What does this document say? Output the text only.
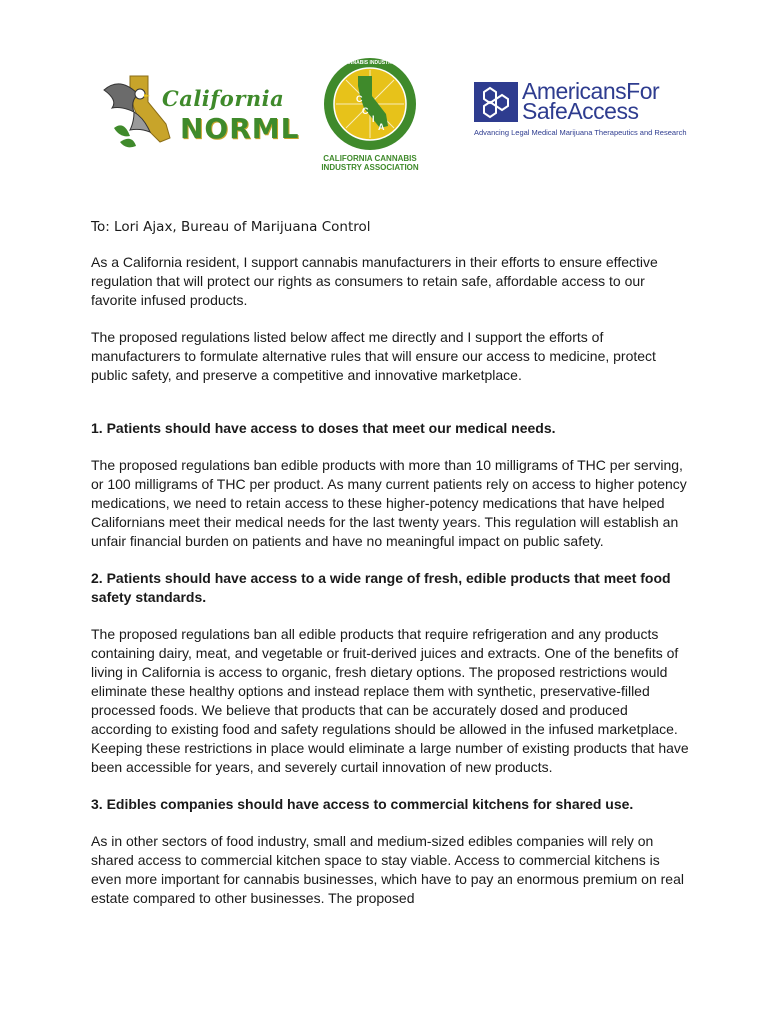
California
NORML
CALIFORNIA CANNABIS INDUSTRY ASSOCIATION
C
C
I
A
CALIFORNIA CANNABIS
INDUSTRY ASSOCIATION
AmericansFor
SafeAccess
Advancing Legal Medical Marijuana Therapeutics and Research
To: Lori Ajax, Bureau of Marijuana Control

As a California resident, I support cannabis manufacturers in their efforts to ensure effective regulation that will protect our rights as consumers to retain safe, affordable access to our favorite infused products.

The proposed regulations listed below affect me directly and I support the efforts of manufacturers to formulate alternative rules that will ensure our access to medicine, protect public safety, and preserve a competitive and innovative marketplace.

1. Patients should have access to doses that meet our medical needs.

The proposed regulations ban edible products with more than 10 milligrams of THC per serving, or 100 milligrams of THC per product. As many current patients rely on access to higher potency medications, we need to retain access to these higher-potency medications that have helped Californians meet their medical needs for the last twenty years. This regulation will establish an unfair financial burden on patients and have no meaningful impact on public safety.

2. Patients should have access to a wide range of fresh, edible products that meet food safety standards.

The proposed regulations ban all edible products that require refrigeration and any products containing dairy, meat, and vegetable or fruit-derived juices and extracts. One of the benefits of living in California is access to organic, fresh dietary options. The proposed restrictions would eliminate these healthy options and instead replace them with synthetic, preservative-filled processed foods. We believe that products that can be accurately dosed and produced according to existing food and safety regulations should be allowed in the infused marketplace. Keeping these restrictions in place would eliminate a large number of existing products that have been accessible for years, and severely curtail innovation of new products.

3. Edibles companies should have access to commercial kitchens for shared use.

As in other sectors of food industry, small and medium-sized edibles companies will rely on shared access to commercial kitchen space to stay viable. Access to commercial kitchens is even more important for cannabis businesses, which have to pay an enormous premium on real estate compared to other businesses. The proposed
